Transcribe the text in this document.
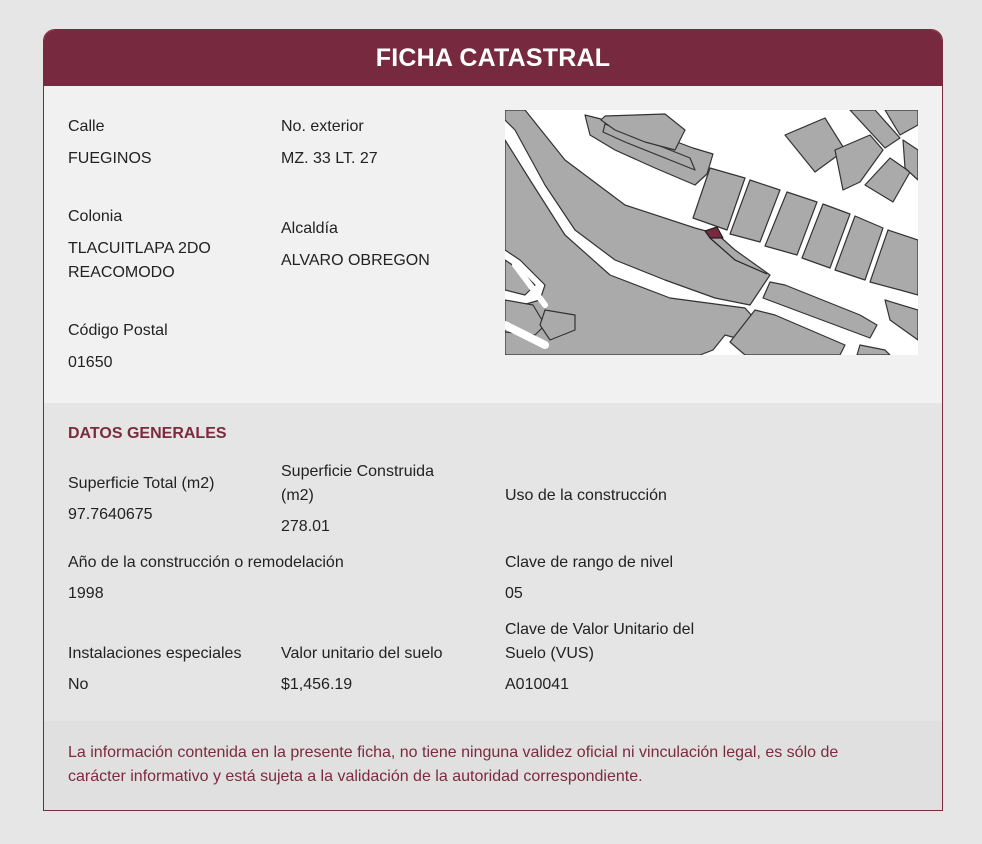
FICHA CATASTRAL
Calle
FUEGINOS
No. exterior
MZ. 33 LT. 27
Colonia
TLACUITLAPA 2DO
REACOMODO
Alcaldía
ALVARO OBREGON
Código Postal
01650
DATOS GENERALES
Superficie Total (m2)
97.7640675
Superficie Construida
(m2)
278.01
Uso de la construcción
Año de la construcción o remodelación
1998
Clave de rango de nivel
05
Instalaciones especiales
No
Valor unitario del suelo
$1,456.19
Clave de Valor Unitario del
Suelo (VUS)
A010041

La información contenida en la presente ficha, no tiene ninguna validez oficial ni vinculación legal, es sólo de
carácter informativo y está sujeta a la validación de la autoridad correspondiente.
